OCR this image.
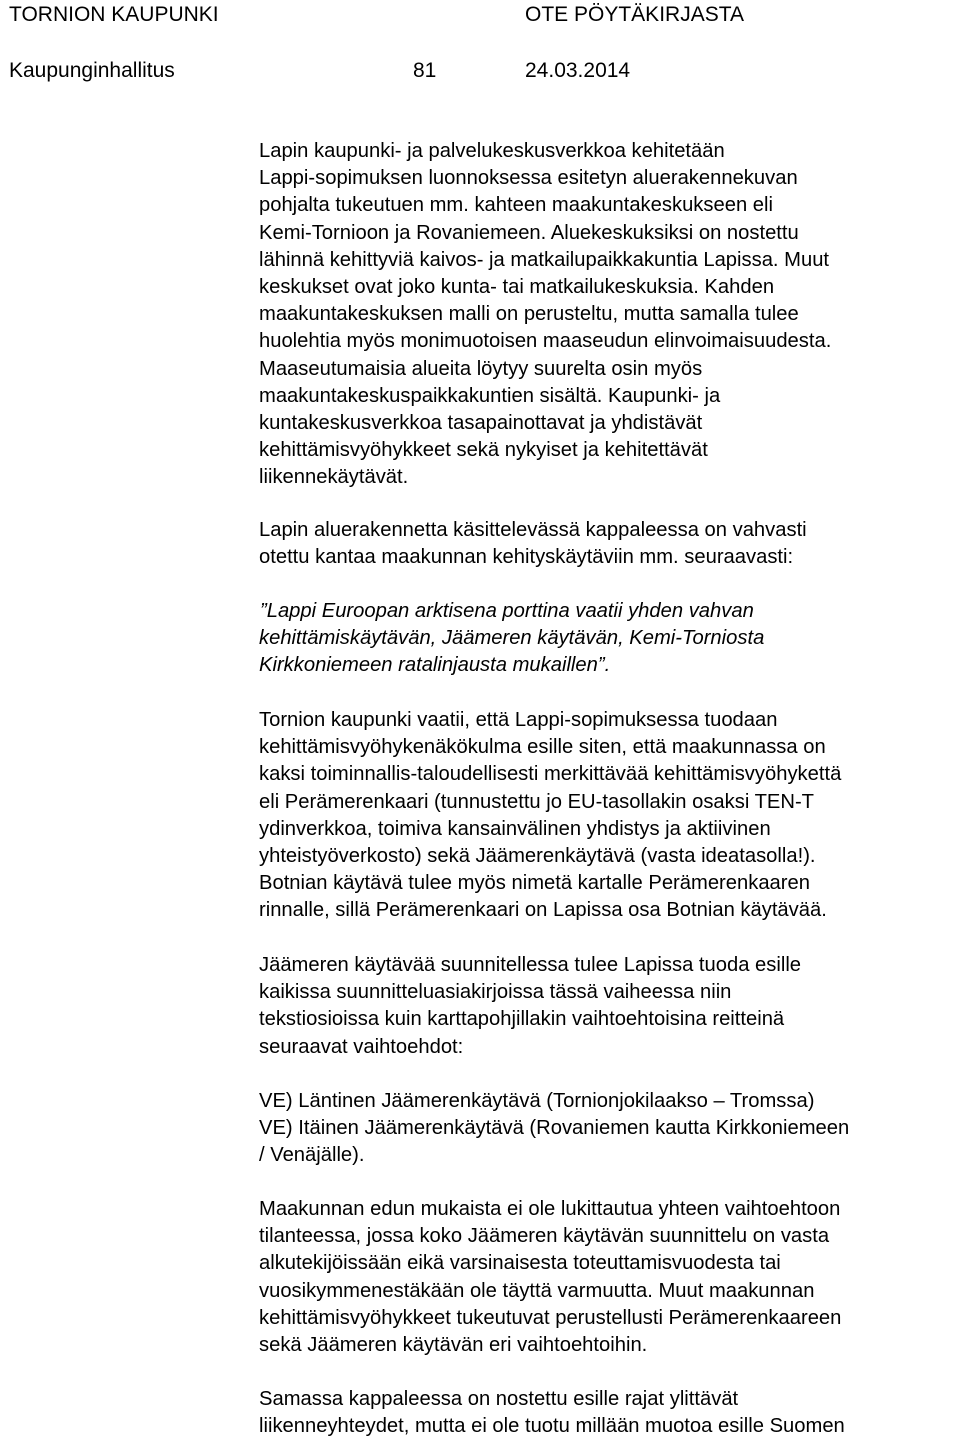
TORNION KAUPUNKI	OTE PÖYTÄKIRJASTA
Kaupunginhallitus	81	24.03.2014
Lapin kaupunki- ja palvelukeskusverkkoa kehitetään
Lappi-sopimuksen luonnoksessa esitetyn aluerakennekuvan
pohjalta tukeutuen mm. kahteen maakuntakeskukseen eli
Kemi-Tornioon ja Rovaniemeen. Aluekeskuksiksi on nostettu
lähinnä kehittyviä kaivos- ja matkailupaikkakuntia Lapissa. Muut
keskukset ovat joko kunta- tai matkailukeskuksia. Kahden
maakuntakeskuksen malli on perusteltu, mutta samalla tulee
huolehtia myös monimuotoisen maaseudun elinvoimaisuudesta.
Maaseutumaisia alueita löytyy suurelta osin myös
maakuntakeskuspaikkakuntien sisältä. Kaupunki- ja
kuntakeskusverkkoa tasapainottavat ja yhdistävät
kehittämisvyöhykkeet sekä nykyiset ja kehitettävät
liikennekäytävät.
Lapin aluerakennetta käsittelevässä kappaleessa on vahvasti
otettu kantaa maakunnan kehityskäytäviin mm. seuraavasti:
”Lappi Euroopan arktisena porttina vaatii yhden vahvan
kehittämiskäytävän, Jäämeren käytävän, Kemi-Torniosta
Kirkkoniemeen ratalinjausta mukaillen”.
Tornion kaupunki vaatii, että Lappi-sopimuksessa tuodaan
kehittämisvyöhykenäkökulma esille siten, että maakunnassa on
kaksi toiminnallis-taloudellisesti merkittävää kehittämisvyöhykettä
eli Perämerenkaari (tunnustettu jo EU-tasollakin osaksi TEN-T
ydinverkkoa, toimiva kansainvälinen yhdistys ja aktiivinen
yhteistyöverkosto) sekä Jäämerenkäytävä (vasta ideatasolla!).
Botnian käytävä tulee myös nimetä kartalle Perämerenkaaren
rinnalle, sillä Perämerenkaari on Lapissa osa Botnian käytävää.
Jäämeren käytävää suunnitellessa tulee Lapissa tuoda esille
kaikissa suunnitteluasiakirjoissa tässä vaiheessa niin
tekstiosioissa kuin karttapohjillakin vaihtoehtoisina reitteinä
seuraavat vaihtoehdot:
VE) Läntinen Jäämerenkäytävä (Tornionjokilaakso – Tromssa)
VE) Itäinen Jäämerenkäytävä (Rovaniemen kautta Kirkkoniemeen
/ Venäjälle).
Maakunnan edun mukaista ei ole lukittautua yhteen vaihtoehtoon
tilanteessa, jossa koko Jäämeren käytävän suunnittelu on vasta
alkutekijöissään eikä varsinaisesta toteuttamisvuodesta tai
vuosikymmenestäkään ole täyttä varmuutta. Muut maakunnan
kehittämisvyöhykkeet tukeutuvat perustellusti Perämerenkaareen
sekä Jäämeren käytävän eri vaihtoehtoihin.
Samassa kappaleessa on nostettu esille rajat ylittävät
liikenneyhteydet, mutta ei ole tuotu millään muotoa esille Suomen
